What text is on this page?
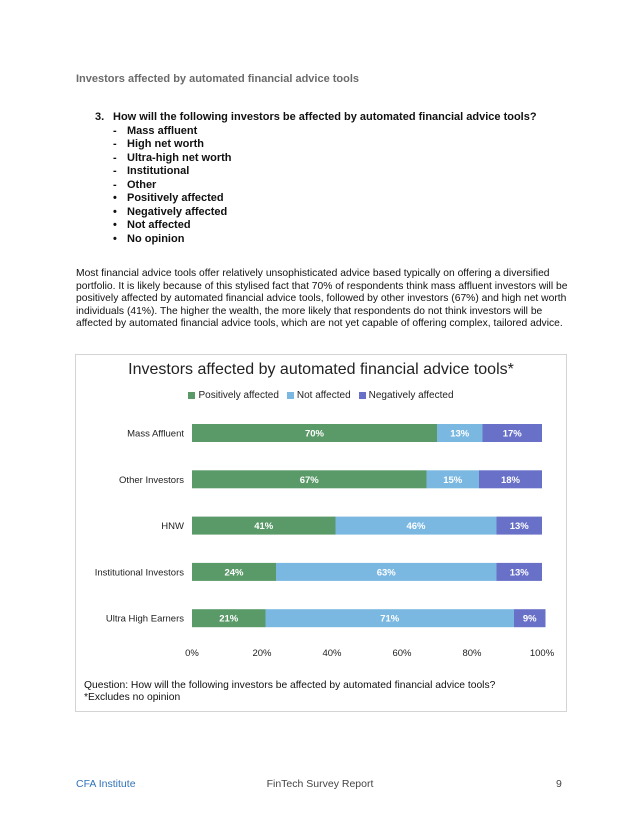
Investors affected by automated financial advice tools
3. How will the following investors be affected by automated financial advice tools?
- Mass affluent
- High net worth
- Ultra-high net worth
- Institutional
- Other
• Positively affected
• Negatively affected
• Not affected
• No opinion
Most financial advice tools offer relatively unsophisticated advice based typically on offering a diversified portfolio. It is likely because of this stylised fact that 70% of respondents think mass affluent investors will be positively affected by automated financial advice tools, followed by other investors (67%) and high net worth individuals (41%). The higher the wealth, the more likely that respondents do not think investors will be affected by automated financial advice tools, which are not yet capable of offering complex, tailored advice.
Investors affected by automated financial advice tools*
Positively affected Not affected Negatively affected
Mass Affluent	70%	13%	17%
Other Investors	67%	15%	18%
HNW	41%	46%	13%
Institutional Investors	24%	63%	13%
Ultra High Earners	21%	71%	9%
0%	20%	40%	60%	80%	100%
Question: How will the following investors be affected by automated financial advice tools?
*Excludes no opinion
CFA Institute	FinTech Survey Report	9
